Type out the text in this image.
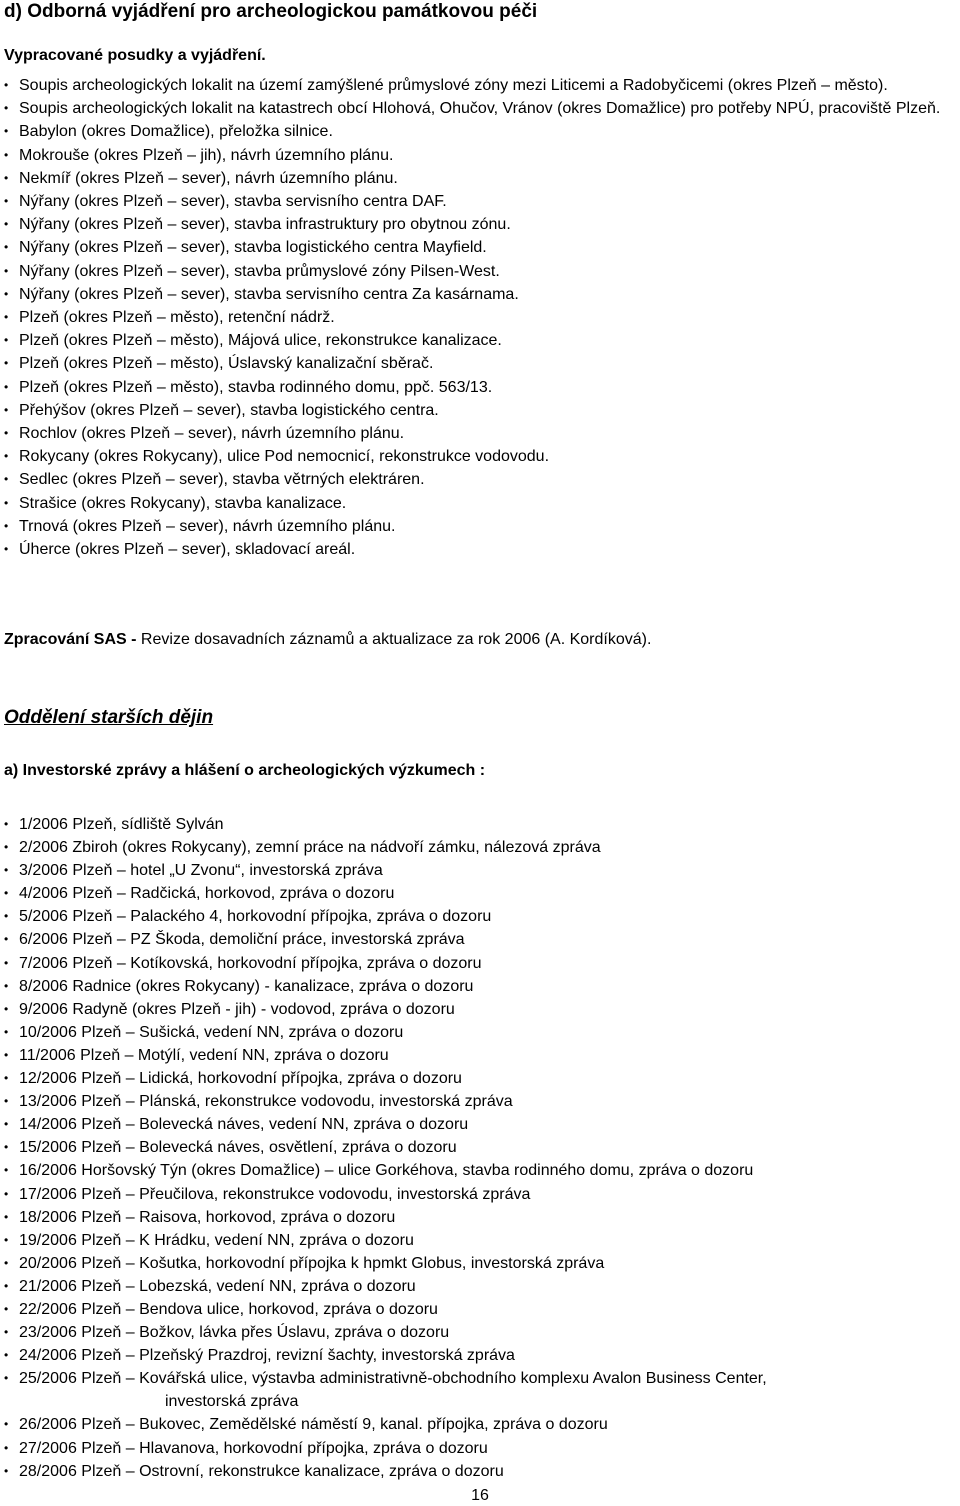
d) Odborná vyjádření pro archeologickou památkovou péči

Vypracované posudky a vyjádření.

• Soupis archeologických lokalit na území zamýšlené průmyslové zóny mezi Liticemi a Radobyčicemi (okres Plzeň – město).
• Soupis archeologických lokalit na katastrech obcí Hlohová, Ohučov, Vránov (okres Domažlice) pro potřeby NPÚ, pracoviště Plzeň.
• Babylon (okres Domažlice), přeložka silnice.
• Mokrouše (okres Plzeň – jih), návrh územního plánu.
• Nekmíř (okres Plzeň – sever), návrh územního plánu.
• Nýřany (okres Plzeň – sever), stavba servisního centra DAF.
• Nýřany (okres Plzeň – sever), stavba infrastruktury pro obytnou zónu.
• Nýřany (okres Plzeň – sever), stavba logistického centra Mayfield.
• Nýřany (okres Plzeň – sever), stavba průmyslové zóny Pilsen-West.
• Nýřany (okres Plzeň – sever), stavba servisního centra Za kasárnama.
• Plzeň (okres Plzeň – město), retenční nádrž.
• Plzeň (okres Plzeň – město), Májová ulice, rekonstrukce kanalizace.
• Plzeň (okres Plzeň – město), Úslavský kanalizační sběrač.
• Plzeň (okres Plzeň – město), stavba rodinného domu, ppč. 563/13.
• Přehýšov (okres Plzeň – sever), stavba logistického centra.
• Rochlov (okres Plzeň – sever), návrh územního plánu.
• Rokycany (okres Rokycany), ulice Pod nemocnicí, rekonstrukce vodovodu.
• Sedlec (okres Plzeň – sever), stavba větrných elektráren.
• Strašice (okres Rokycany), stavba kanalizace.
• Trnová (okres Plzeň – sever), návrh územního plánu.
• Úherce (okres Plzeň – sever), skladovací areál.

Zpracování SAS - Revize dosavadních záznamů a aktualizace za rok 2006 (A. Kordíková).

Oddělení starších dějin

a) Investorské zprávy a hlášení o archeologických výzkumech :

• 1/2006 Plzeň, sídliště Sylván
• 2/2006 Zbiroh (okres Rokycany), zemní práce na nádvoří zámku, nálezová zpráva
• 3/2006 Plzeň – hotel „U Zvonu“, investorská zpráva
• 4/2006 Plzeň – Radčická, horkovod, zpráva o dozoru
• 5/2006 Plzeň – Palackého 4, horkovodní přípojka, zpráva o dozoru
• 6/2006 Plzeň – PZ Škoda, demoliční práce, investorská zpráva
• 7/2006 Plzeň – Kotíkovská, horkovodní přípojka, zpráva o dozoru
• 8/2006 Radnice (okres Rokycany) - kanalizace, zpráva o dozoru
• 9/2006 Radyně (okres Plzeň - jih) - vodovod, zpráva o dozoru
• 10/2006 Plzeň – Sušická, vedení NN, zpráva o dozoru
• 11/2006 Plzeň – Motýlí, vedení NN, zpráva o dozoru
• 12/2006 Plzeň – Lidická, horkovodní přípojka, zpráva o dozoru
• 13/2006 Plzeň – Plánská, rekonstrukce vodovodu, investorská zpráva
• 14/2006 Plzeň – Bolevecká náves, vedení NN, zpráva o dozoru
• 15/2006 Plzeň – Bolevecká náves, osvětlení, zpráva o dozoru
• 16/2006 Horšovský Týn (okres Domažlice) – ulice Gorkéhova, stavba rodinného domu, zpráva o dozoru
• 17/2006 Plzeň – Přeučilova, rekonstrukce vodovodu, investorská zpráva
• 18/2006 Plzeň – Raisova, horkovod, zpráva o dozoru
• 19/2006 Plzeň – K Hrádku, vedení NN, zpráva o dozoru
• 20/2006 Plzeň – Košutka, horkovodní přípojka k hpmkt Globus, investorská zpráva
• 21/2006 Plzeň – Lobezská, vedení NN, zpráva o dozoru
• 22/2006 Plzeň – Bendova ulice, horkovod, zpráva o dozoru
• 23/2006 Plzeň – Božkov, lávka přes Úslavu, zpráva o dozoru
• 24/2006 Plzeň – Plzeňský Prazdroj, revizní šachty, investorská zpráva
• 25/2006 Plzeň – Kovářská ulice, výstavba administrativně-obchodního komplexu Avalon Business Center,
investorská zpráva
• 26/2006 Plzeň – Bukovec, Zemědělské náměstí 9, kanal. přípojka, zpráva o dozoru
• 27/2006 Plzeň – Hlavanova, horkovodní přípojka, zpráva o dozoru
• 28/2006 Plzeň – Ostrovní, rekonstrukce kanalizace, zpráva o dozoru

16
